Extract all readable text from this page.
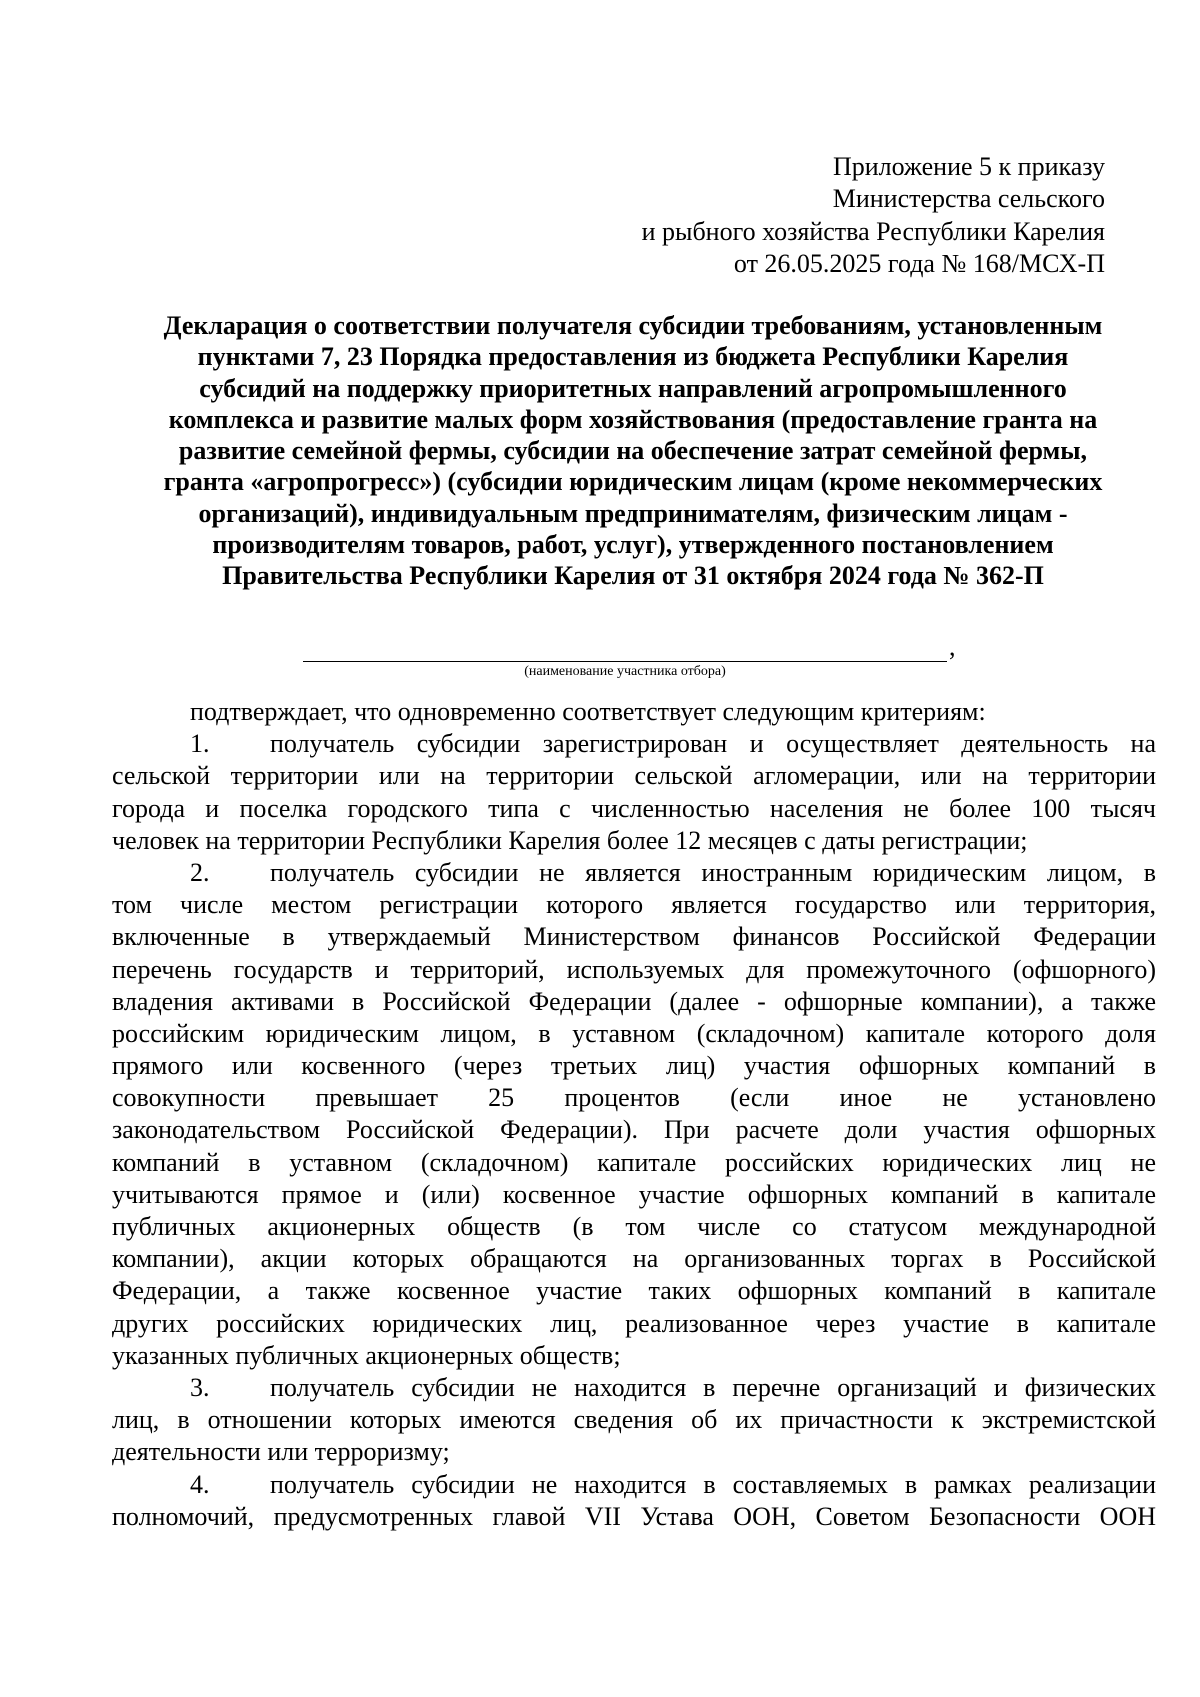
Приложение 5 к приказу
Министерства сельского
и рыбного хозяйства Республики Карелия
от 26.05.2025 года № 168/МСХ-П
Декларация о соответствии получателя субсидии требованиям, установленным
пунктами 7, 23 Порядка предоставления из бюджета Республики Карелия
субсидий на поддержку приоритетных направлений агропромышленного
комплекса и развитие малых форм хозяйствования (предоставление гранта на
развитие семейной фермы, субсидии на обеспечение затрат семейной фермы,
гранта «агропрогресс») (субсидии юридическим лицам (кроме некоммерческих
организаций), индивидуальным предпринимателям, физическим лицам -
производителям товаров, работ, услуг), утвержденного постановлением
Правительства Республики Карелия от 31 октября 2024 года № 362-П
,
(наименование участника отбора)
подтверждает, что одновременно соответствует следующим критериям:
1. получатель субсидии зарегистрирован и осуществляет деятельность на
сельской территории или на территории сельской агломерации, или на территории
города и поселка городского типа с численностью населения не более 100 тысяч
человек на территории Республики Карелия более 12 месяцев с даты регистрации;
2. получатель субсидии не является иностранным юридическим лицом, в
том числе местом регистрации которого является государство или территория,
включенные в утверждаемый Министерством финансов Российской Федерации
перечень государств и территорий, используемых для промежуточного (офшорного)
владения активами в Российской Федерации (далее - офшорные компании), а также
российским юридическим лицом, в уставном (складочном) капитале которого доля
прямого или косвенного (через третьих лиц) участия офшорных компаний в
совокупности превышает 25 процентов (если иное не установлено
законодательством Российской Федерации). При расчете доли участия офшорных
компаний в уставном (складочном) капитале российских юридических лиц не
учитываются прямое и (или) косвенное участие офшорных компаний в капитале
публичных акционерных обществ (в том числе со статусом международной
компании), акции которых обращаются на организованных торгах в Российской
Федерации, а также косвенное участие таких офшорных компаний в капитале
других российских юридических лиц, реализованное через участие в капитале
указанных публичных акционерных обществ;
3. получатель субсидии не находится в перечне организаций и физических
лиц, в отношении которых имеются сведения об их причастности к экстремистской
деятельности или терроризму;
4. получатель субсидии не находится в составляемых в рамках реализации
полномочий, предусмотренных главой VII Устава ООН, Советом Безопасности ООН
